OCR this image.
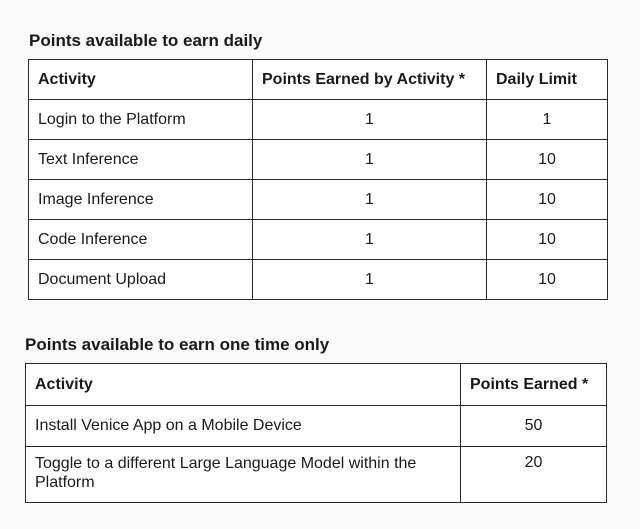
Points available to earn daily
Activity	Points Earned by Activity *	Daily Limit
Login to the Platform	1	1
Text Inference	1	10
Image Inference	1	10
Code Inference	1	10
Document Upload	1	10
Points available to earn one time only
Activity	Points Earned *
Install Venice App on a Mobile Device	50
Toggle to a different Large Language Model within the Platform	20
